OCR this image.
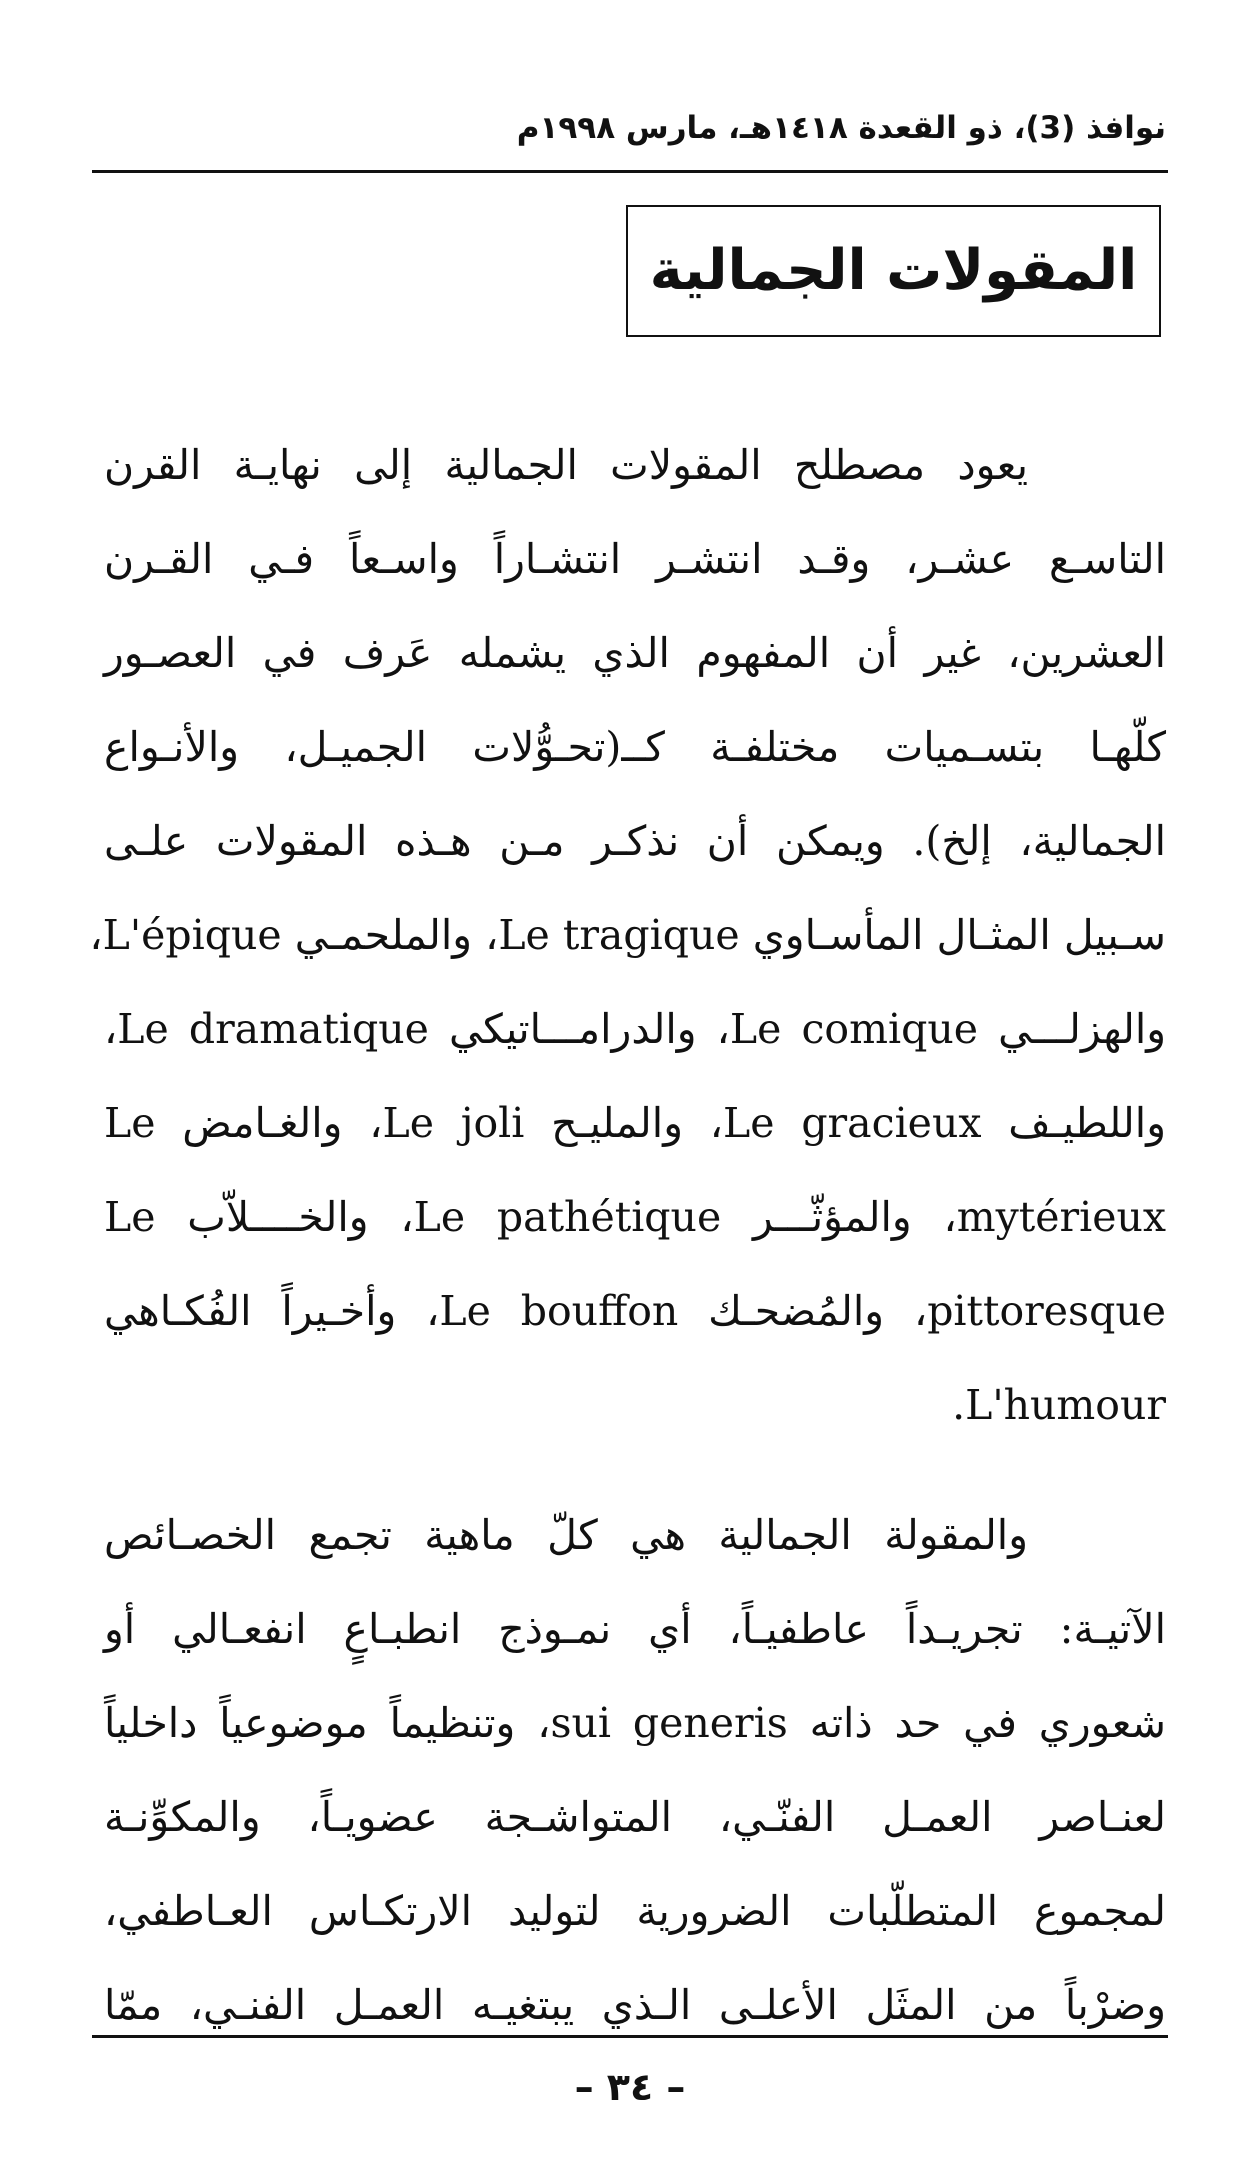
نوافذ (3)، ذو القعدة ١٤١٨هـ، مارس ١٩٩٨م
المقولات الجمالية
يعود مصطلح المقولات الجمالية إلى نهايـة القرن
التاسـع عشـر، وقـد انتشـر انتشـاراً واسـعاً فـي القـرن
العشرين، غير أن المفهوم الذي يشمله عَرف في العصـور
كلّهـا بتسـميات مختلفـة كــ(تحـوُّلات الجميـل، والأنـواع
الجمالية، إلخ). ويمكن أن نذكـر مـن هـذه المقولات علـى
سـبيل المثـال المأسـاوي Le tragique، والملحمـي L'épique،
والهزلـــي Le comique، والدرامـــاتيكي Le dramatique،
واللطيـف Le gracieux، والمليـح Le joli، والغـامض Le
mytérieux، والمؤثّـــر Le pathétique، والخــــلاّب Le
pittoresque، والمُضحـك Le bouffon، وأخـيراً الفُكـاهي
L'humour.
والمقولة الجمالية هي كلّ ماهية تجمع الخصـائص
الآتيـة: تجريـداً عاطفيـاً، أي نمـوذج انطبـاعٍ انفعـالي أو
شعوري في حد ذاته sui generis، وتنظيماً موضوعياً داخلياً
لعنـاصر العمـل الفنّـي، المتواشـجة عضويـاً، والمكوِّنـة
لمجموع المتطلّبات الضرورية لتوليد الارتكـاس العـاطفي،
وضرْباً من المثَل الأعلـى الـذي يبتغيـه العمـل الفنـي، ممّا
– ٣٤ –
